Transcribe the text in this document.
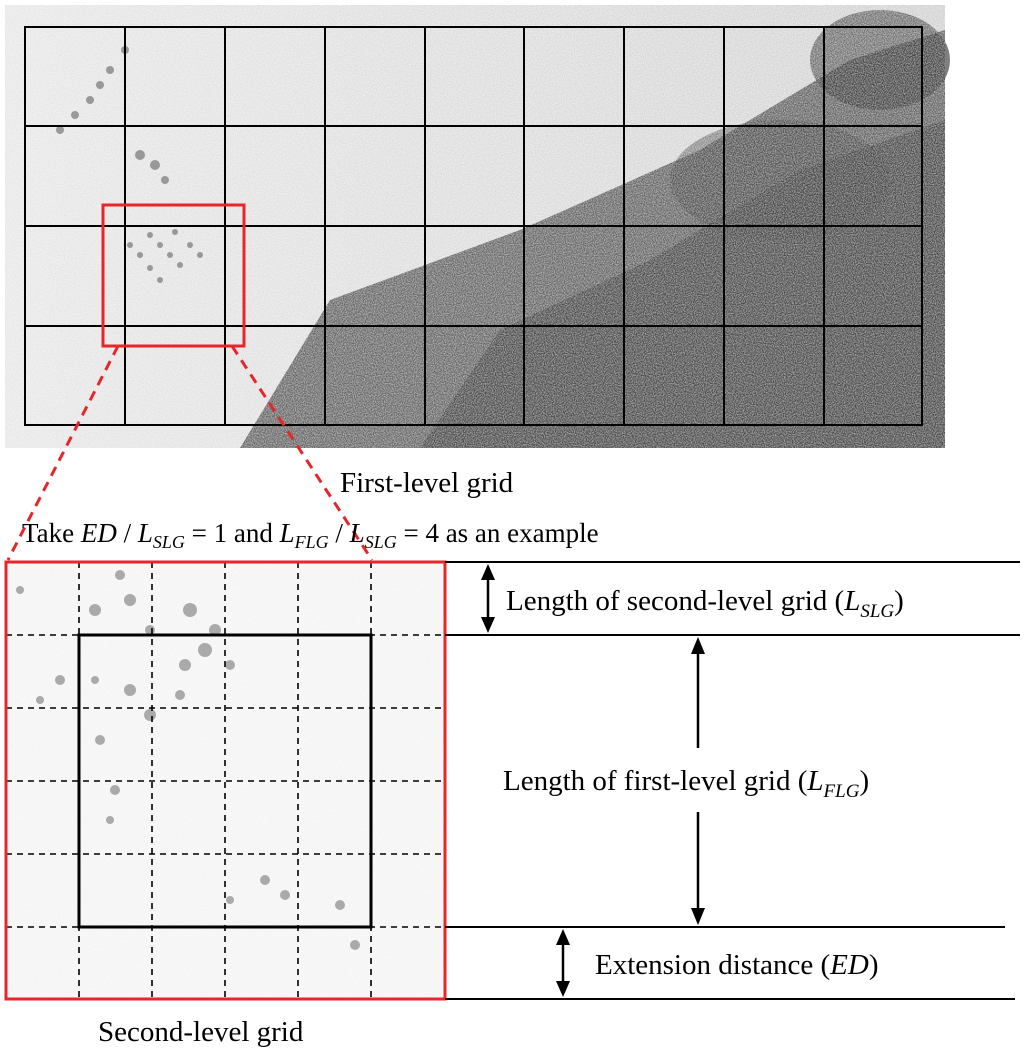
First-level grid
Second-level grid
Take ED / $L_{SLG} = 1$ and $L_{FLG} / L_{SLG} = 4$ as an example
Length of second-level grid $(L_{SLG})$
Length of first-level grid $(L_{FLG})$
Extension distance (ED)
